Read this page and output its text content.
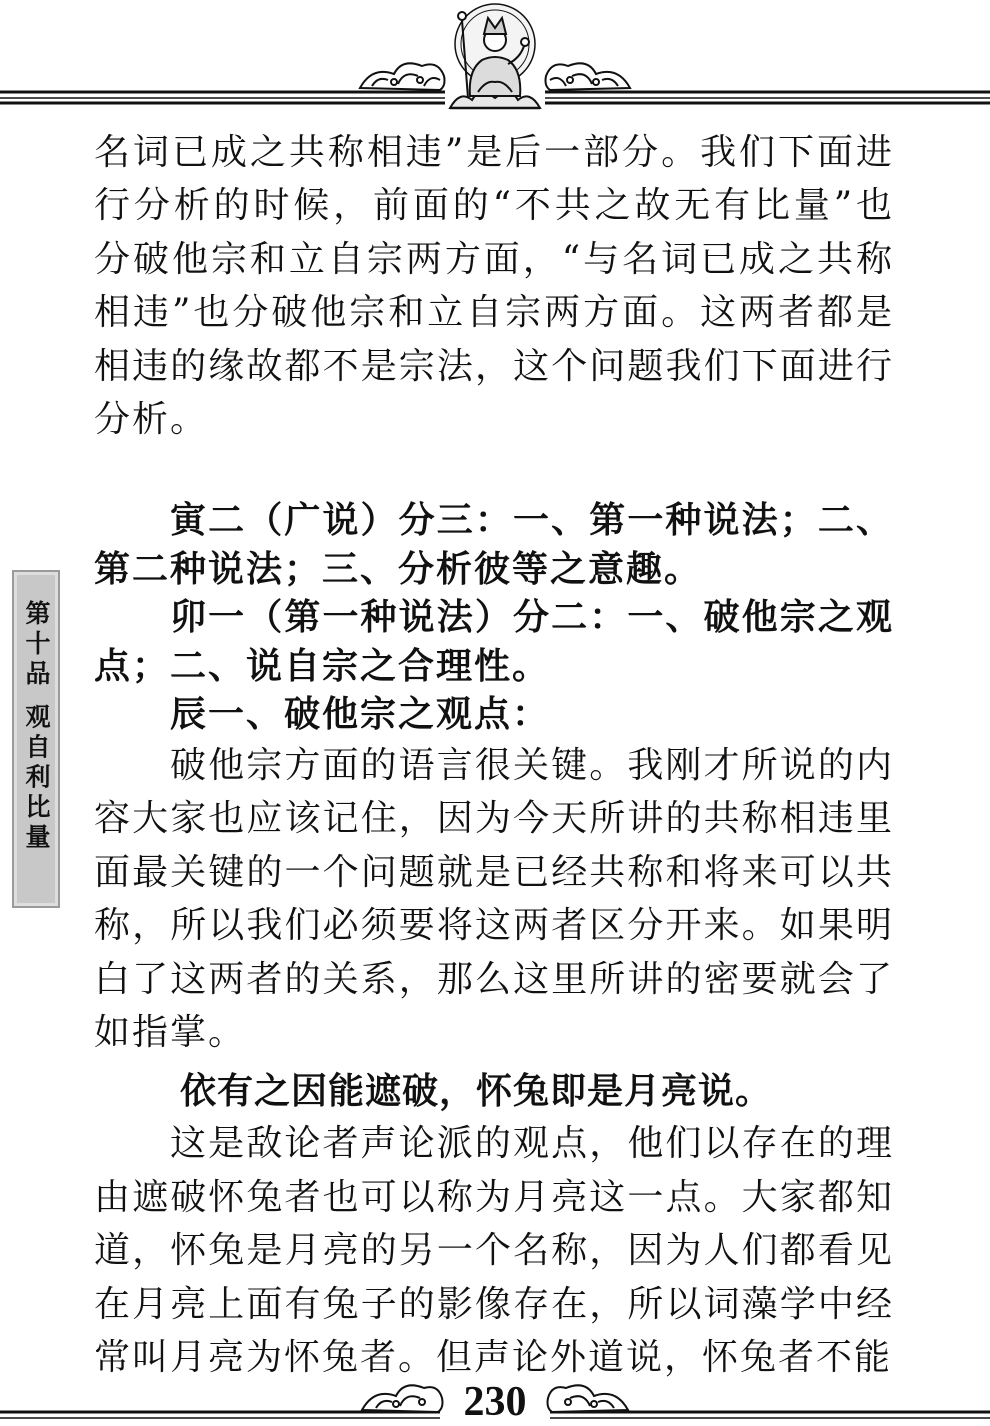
第十品 观自利比量

名词已成之共称相违”是后一部分。我们下面进行分析的时候，前面的“不共之故无有比量”也分破他宗和立自宗两方面，“与名词已成之共称相违”也分破他宗和立自宗两方面。这两者都是相违的缘故都不是宗法，这个问题我们下面进行分析。

寅二（广说）分三：一、第一种说法；二、第二种说法；三、分析彼等之意趣。

卯一（第一种说法）分二：一、破他宗之观点；二、说自宗之合理性。

辰一、破他宗之观点：

破他宗方面的语言很关键。我刚才所说的内容大家也应该记住，因为今天所讲的共称相违里面最关键的一个问题就是已经共称和将来可以共称，所以我们必须要将这两者区分开来。如果明白了这两者的关系，那么这里所讲的密要就会了如指掌。

依有之因能遮破，怀兔即是月亮说。

这是敌论者声论派的观点，他们以存在的理由遮破怀兔者也可以称为月亮这一点。大家都知道，怀兔是月亮的另一个名称，因为人们都看见在月亮上面有兔子的影像存在，所以词藻学中经常叫月亮为怀兔者。但声论外道说，怀兔者不能

230
